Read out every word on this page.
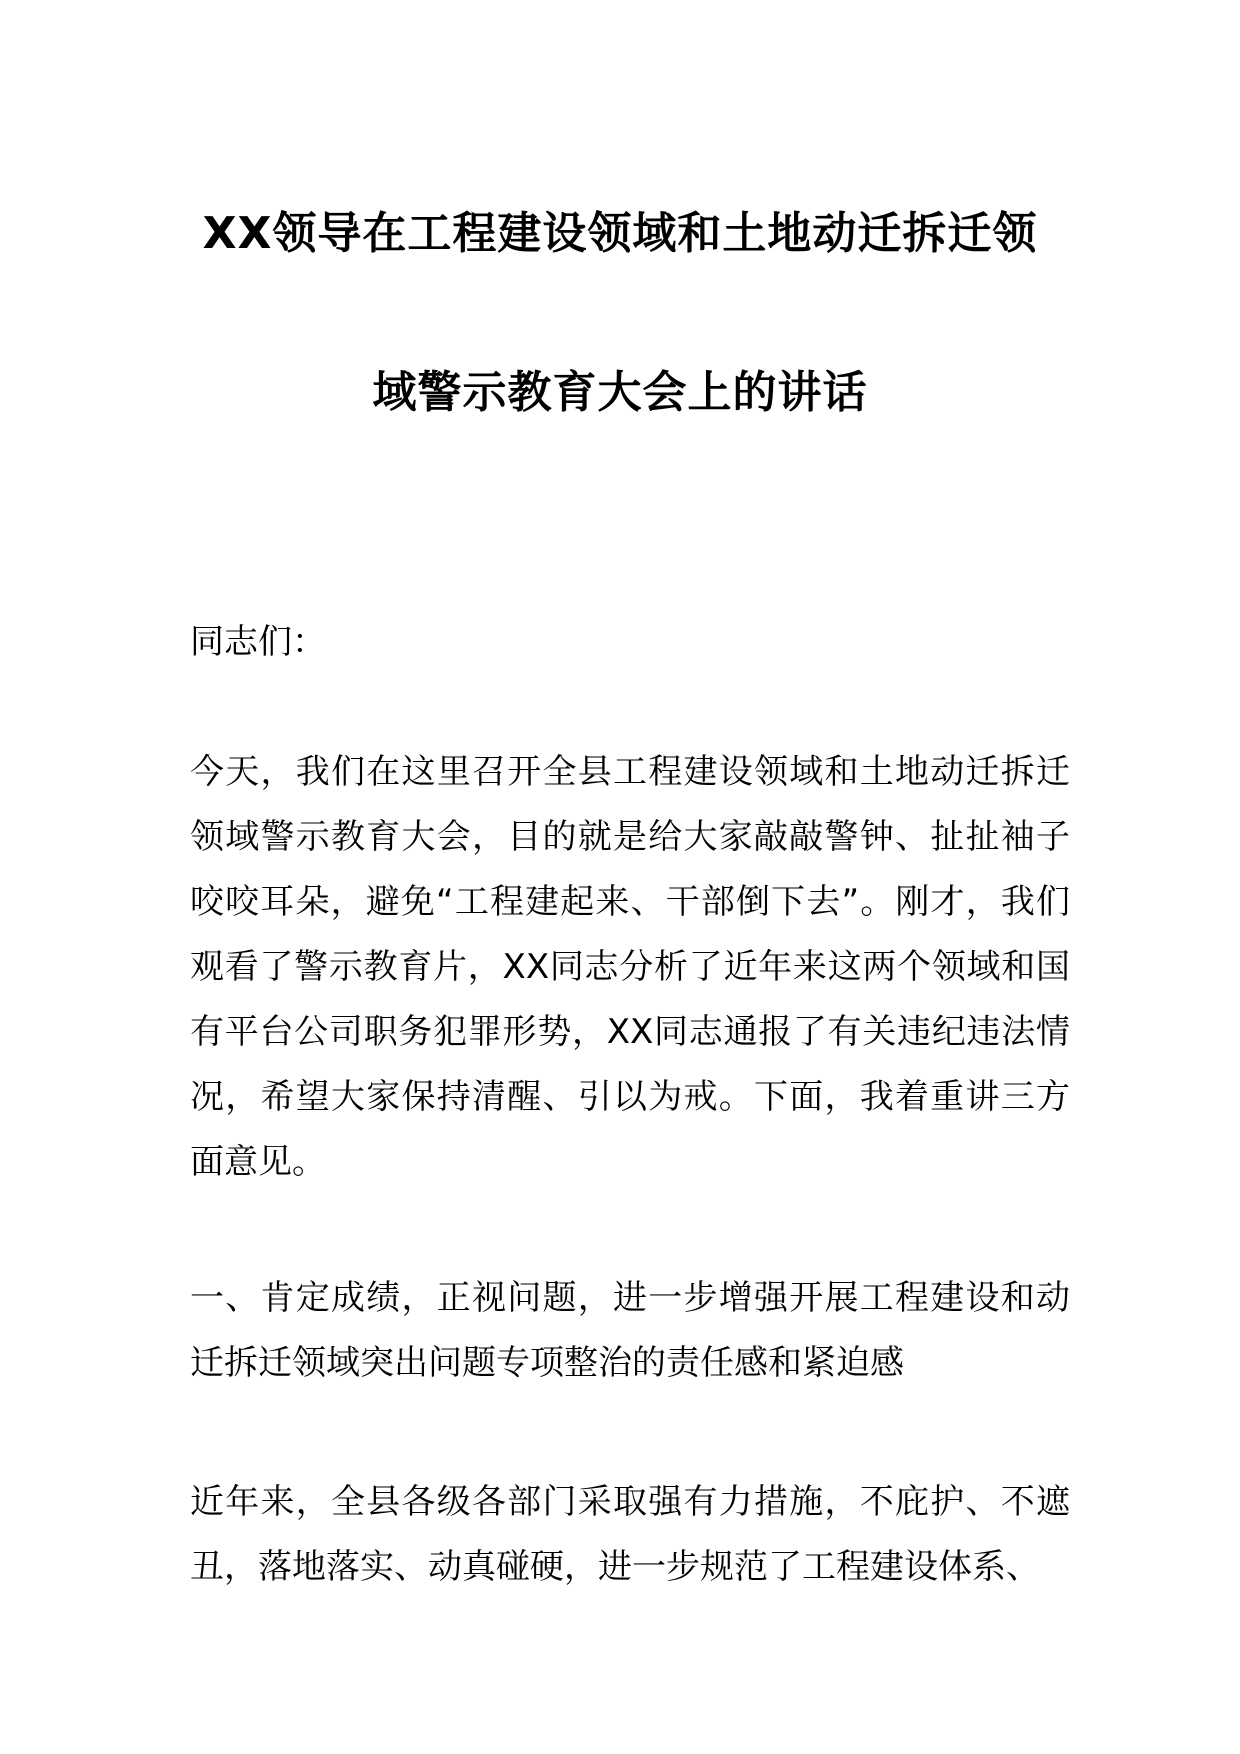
XX领导在工程建设领域和土地动迁拆迁领
域警示教育大会上的讲话

同志们：

今天，我们在这里召开全县工程建设领域和土地动迁拆迁领域警示教育大会，目的就是给大家敲敲警钟、扯扯袖子咬咬耳朵，避免“工程建起来、干部倒下去”。刚才，我们观看了警示教育片，XX同志分析了近年来这两个领域和国有平台公司职务犯罪形势，XX同志通报了有关违纪违法情况，希望大家保持清醒、引以为戒。下面，我着重讲三方面意见。

一、肯定成绩，正视问题，进一步增强开展工程建设和动迁拆迁领域突出问题专项整治的责任感和紧迫感

近年来，全县各级各部门采取强有力措施，不庇护、不遮丑，落地落实、动真碰硬，进一步规范了工程建设体系、
